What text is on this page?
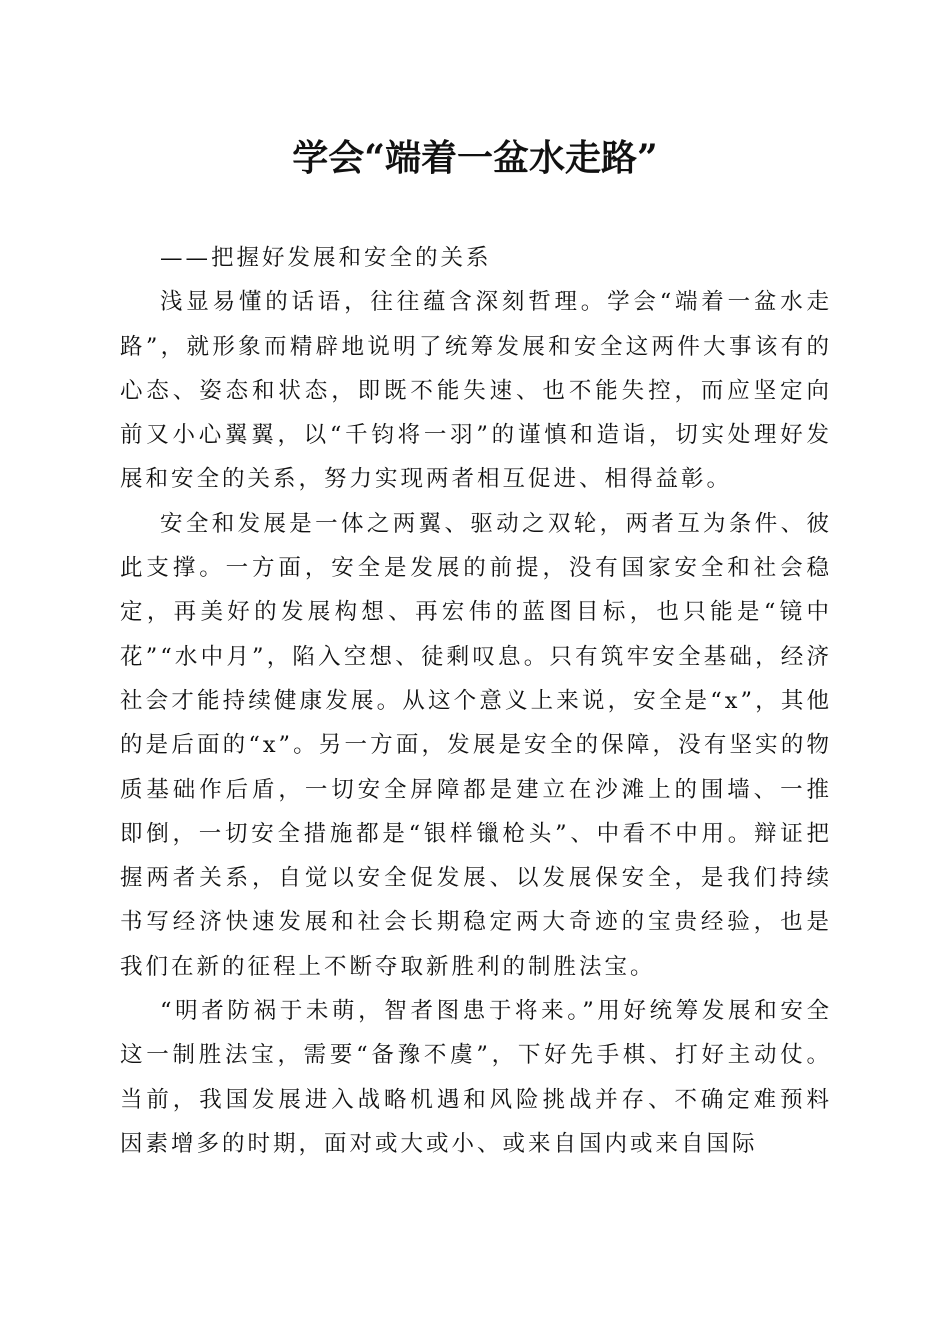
学会“端着一盆水走路”

——把握好发展和安全的关系

浅显易懂的话语，往往蕴含深刻哲理。学会“端着一盆水走路”，就形象而精辟地说明了统筹发展和安全这两件大事该有的心态、姿态和状态，即既不能失速、也不能失控，而应坚定向前又小心翼翼，以“千钧将一羽”的谨慎和造诣，切实处理好发展和安全的关系，努力实现两者相互促进、相得益彰。

安全和发展是一体之两翼、驱动之双轮，两者互为条件、彼此支撑。一方面，安全是发展的前提，没有国家安全和社会稳定，再美好的发展构想、再宏伟的蓝图目标，也只能是“镜中花”“水中月”，陷入空想、徒剩叹息。只有筑牢安全基础，经济社会才能持续健康发展。从这个意义上来说，安全是“x”，其他的是后面的“x”。另一方面，发展是安全的保障，没有坚实的物质基础作后盾，一切安全屏障都是建立在沙滩上的围墙、一推即倒，一切安全措施都是“银样镴枪头”、中看不中用。辩证把握两者关系，自觉以安全促发展、以发展保安全，是我们持续书写经济快速发展和社会长期稳定两大奇迹的宝贵经验，也是我们在新的征程上不断夺取新胜利的制胜法宝。

“明者防祸于未萌，智者图患于将来。”用好统筹发展和安全这一制胜法宝，需要“备豫不虞”，下好先手棋、打好主动仗。当前，我国发展进入战略机遇和风险挑战并存、不确定难预料因素增多的时期，面对或大或小、或来自国内或来自国际
